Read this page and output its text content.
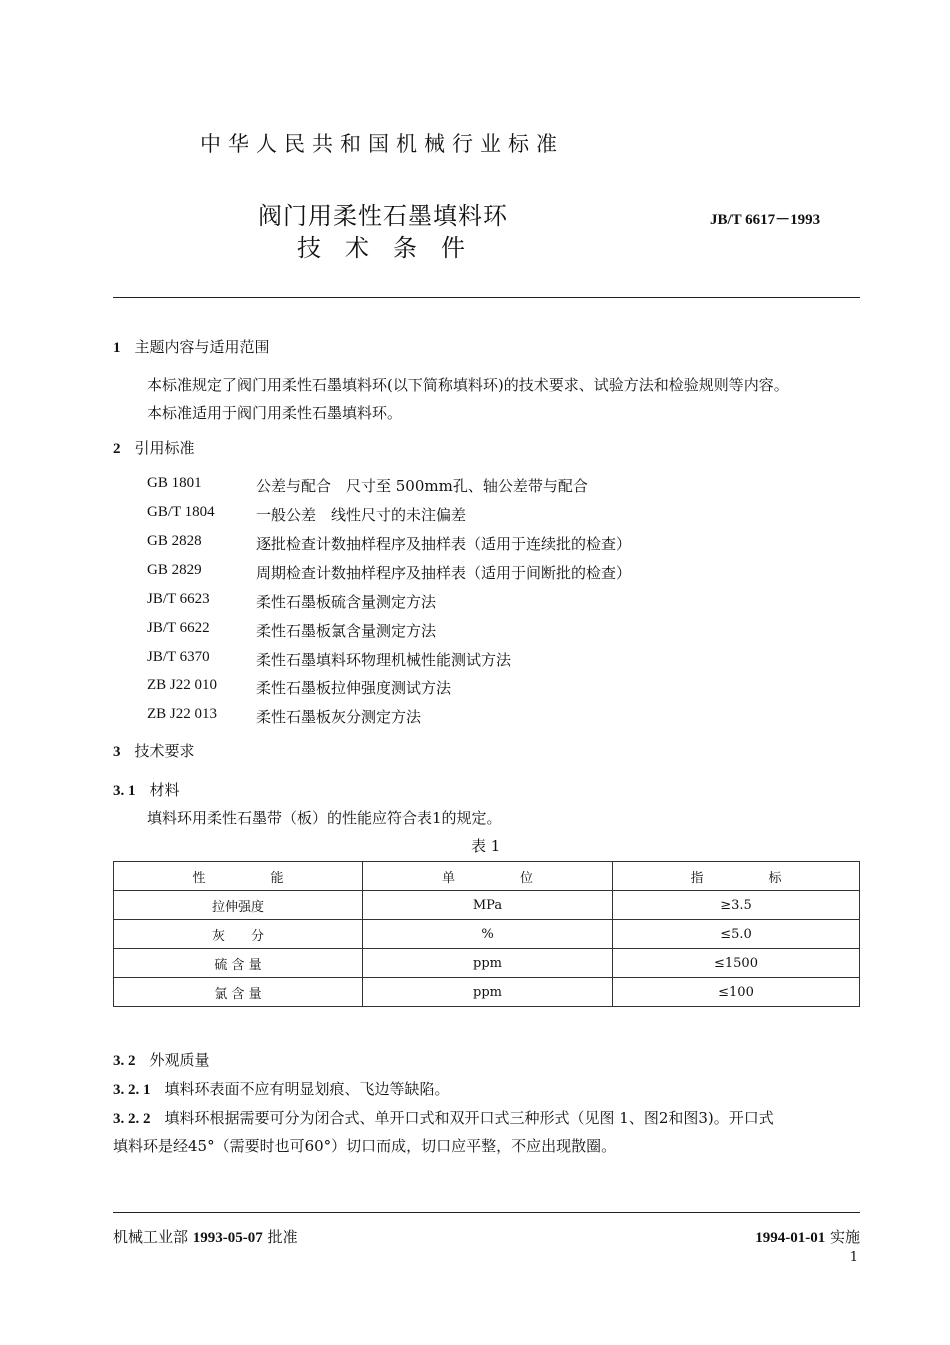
中华人民共和国机械行业标准
阀门用柔性石墨填料环
技 术 条 件
JB/T 6617－1993
1 主题内容与适用范围
本标准规定了阀门用柔性石墨填料环(以下简称填料环)的技术要求、试验方法和检验规则等内容。
本标准适用于阀门用柔性石墨填料环。
2 引用标准
GB 1801	公差与配合　尺寸至 500mm孔、轴公差带与配合
GB/T 1804	一般公差　线性尺寸的未注偏差
GB 2828	逐批检查计数抽样程序及抽样表（适用于连续批的检查）
GB 2829	周期检查计数抽样程序及抽样表（适用于间断批的检查）
JB/T 6623	柔性石墨板硫含量测定方法
JB/T 6622	柔性石墨板氯含量测定方法
JB/T 6370	柔性石墨填料环物理机械性能测试方法
ZB J22 010	柔性石墨板拉伸强度测试方法
ZB J22 013	柔性石墨板灰分测定方法
3 技术要求
3. 1 材料
填料环用柔性石墨带（板）的性能应符合表1的规定。
表 1
性　　　　　能	单　　　　　位	指　　　　　标
拉伸强度	MPa	≥3.5
灰　　分	%	≤5.0
硫 含 量	ppm	≤1500
氯 含 量	ppm	≤100
3. 2 外观质量
3. 2. 1 填料环表面不应有明显划痕、飞边等缺陷。
3. 2. 2 填料环根据需要可分为闭合式、单开口式和双开口式三种形式（见图 1、图2和图3)。开口式
填料环是经45°（需要时也可60°）切口而成，切口应平整，不应出现散圈。
机械工业部 1993-05-07 批准	1994-01-01 实施
1
